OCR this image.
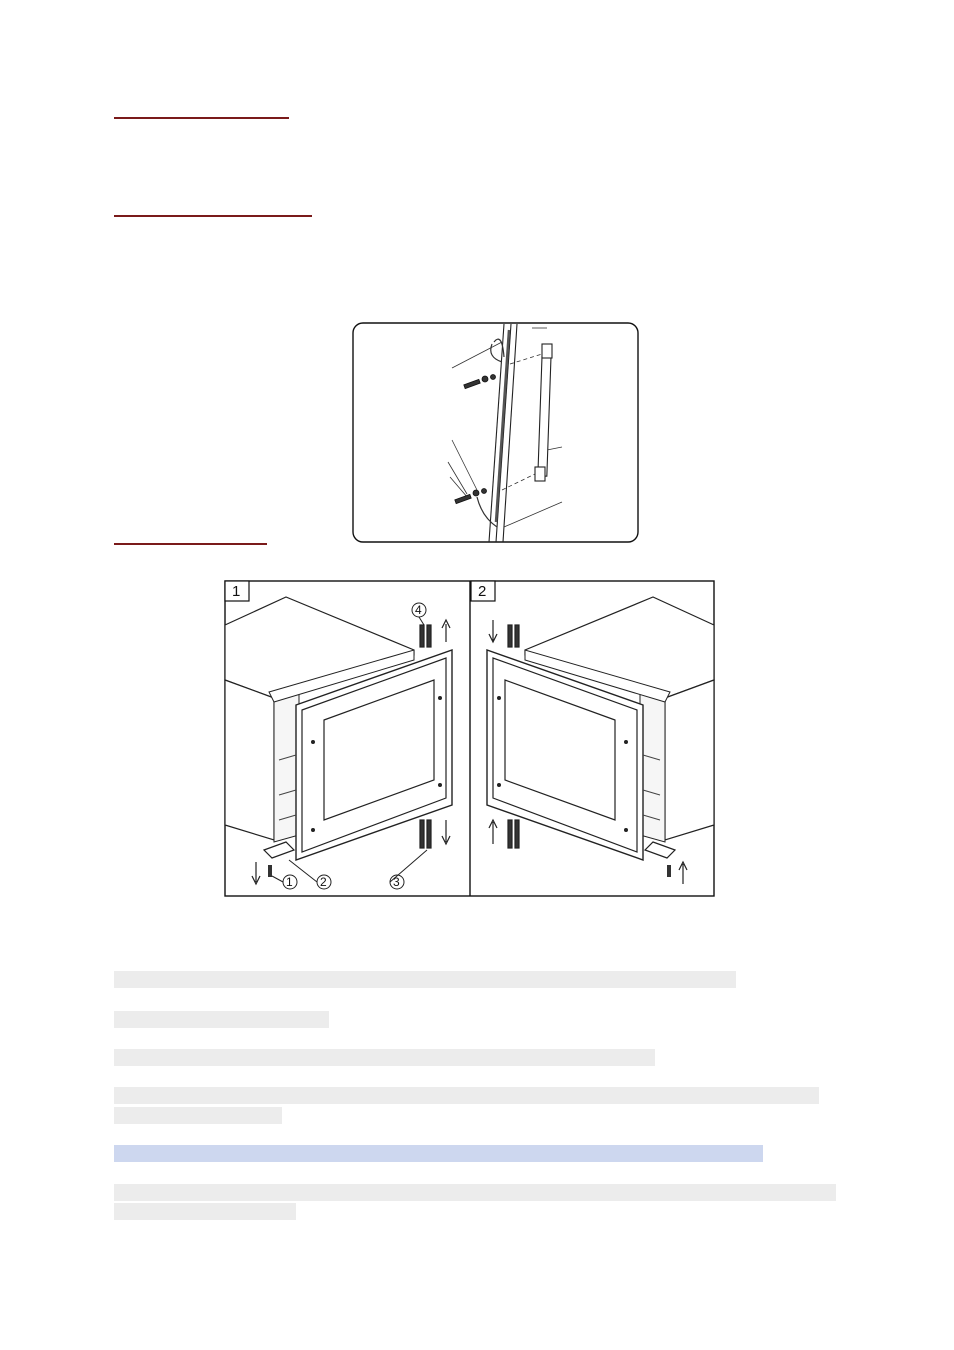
1
1 2	3
4
2
